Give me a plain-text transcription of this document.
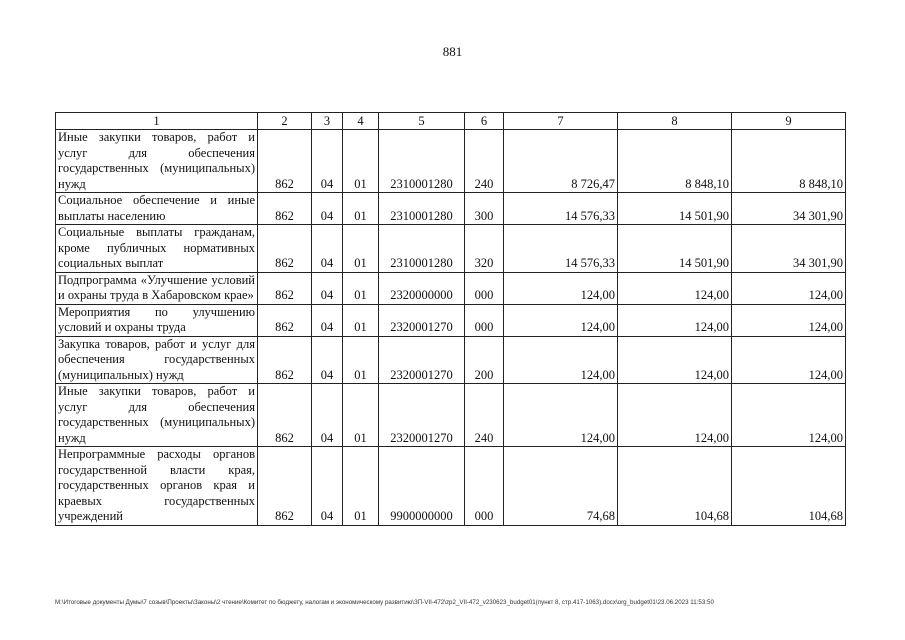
881
1	2	3	4	5	6	7	8	9
Иные закупки товаров, работ и услуг для обеспечения государственных (муниципальных) нужд	862	04	01	2310001280	240	8 726,47	8 848,10	8 848,10
Социальное обеспечение и иные выплаты населению	862	04	01	2310001280	300	14 576,33	14 501,90	34 301,90
Социальные выплаты гражданам, кроме публичных нормативных социальных выплат	862	04	01	2310001280	320	14 576,33	14 501,90	34 301,90
Подпрограмма «Улучшение условий и охраны труда в Хабаровском крае»	862	04	01	2320000000	000	124,00	124,00	124,00
Мероприятия по улучшению условий и охраны труда	862	04	01	2320001270	000	124,00	124,00	124,00
Закупка товаров, работ и услуг для обеспечения государственных (муниципальных) нужд	862	04	01	2320001270	200	124,00	124,00	124,00
Иные закупки товаров, работ и услуг для обеспечения государственных (муниципальных) нужд	862	04	01	2320001270	240	124,00	124,00	124,00
Непрограммные расходы органов государственной власти края, государственных органов края и краевых государственных учреждений	862	04	01	9900000000	000	74,68	104,68	104,68
М:\Итоговые документы Думы\7 созыв\Проекты\Законы\2 чтение\Комитет по бюджету, налогам и экономическому развитию\ЗП-VII-472\zp2_VII-472_v230623_budget01(пункт 8, стр.417-1063).docx\org_budget01\23.06.2023 11:53:50
